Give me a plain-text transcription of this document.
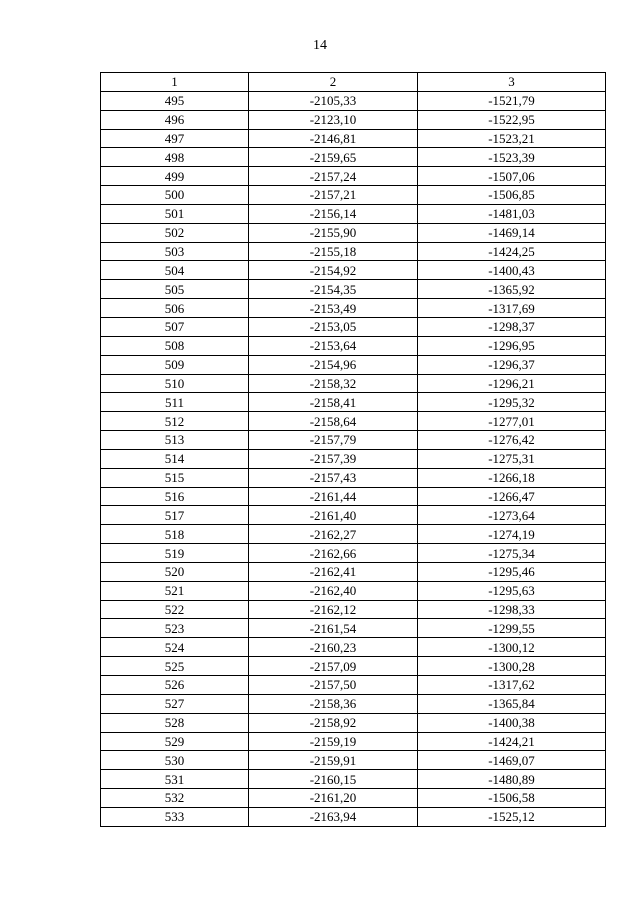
14
1	2	3
495	-2105,33	-1521,79
496	-2123,10	-1522,95
497	-2146,81	-1523,21
498	-2159,65	-1523,39
499	-2157,24	-1507,06
500	-2157,21	-1506,85
501	-2156,14	-1481,03
502	-2155,90	-1469,14
503	-2155,18	-1424,25
504	-2154,92	-1400,43
505	-2154,35	-1365,92
506	-2153,49	-1317,69
507	-2153,05	-1298,37
508	-2153,64	-1296,95
509	-2154,96	-1296,37
510	-2158,32	-1296,21
511	-2158,41	-1295,32
512	-2158,64	-1277,01
513	-2157,79	-1276,42
514	-2157,39	-1275,31
515	-2157,43	-1266,18
516	-2161,44	-1266,47
517	-2161,40	-1273,64
518	-2162,27	-1274,19
519	-2162,66	-1275,34
520	-2162,41	-1295,46
521	-2162,40	-1295,63
522	-2162,12	-1298,33
523	-2161,54	-1299,55
524	-2160,23	-1300,12
525	-2157,09	-1300,28
526	-2157,50	-1317,62
527	-2158,36	-1365,84
528	-2158,92	-1400,38
529	-2159,19	-1424,21
530	-2159,91	-1469,07
531	-2160,15	-1480,89
532	-2161,20	-1506,58
533	-2163,94	-1525,12
